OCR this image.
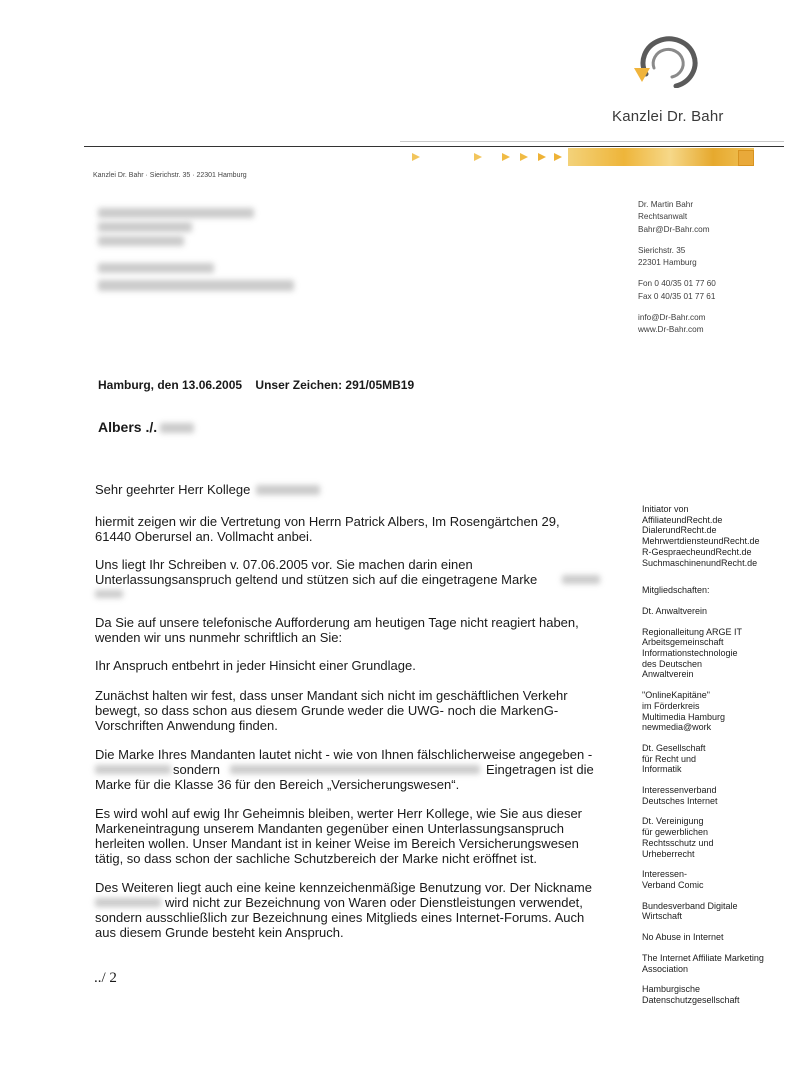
Kanzlei Dr. Bahr
Kanzlei Dr. Bahr · Sierichstr. 35 · 22301 Hamburg
Dr. Martin Bahr
Rechtsanwalt
Bahr@Dr-Bahr.com
Sierichstr. 35
22301 Hamburg
Fon 0 40/35 01 77 60
Fax 0 40/35 01 77 61
info@Dr-Bahr.com
www.Dr-Bahr.com
Hamburg, den 13.06.2005    Unser Zeichen: 291/05MB19
Albers ./.
Sehr geehrter Herr Kollege
hiermit zeigen wir die Vertretung von Herrn Patrick Albers, Im Rosengärtchen 29,
61440 Oberursel an. Vollmacht anbei.
Uns liegt Ihr Schreiben v. 07.06.2005 vor. Sie machen darin einen
Unterlassungsanspruch geltend und stützen sich auf die eingetragene Marke
Da Sie auf unsere telefonische Aufforderung am heutigen Tage nicht reagiert haben,
wenden wir uns nunmehr schriftlich an Sie:
Ihr Anspruch entbehrt in jeder Hinsicht einer Grundlage.
Zunächst halten wir fest, dass unser Mandant sich nicht im geschäftlichen Verkehr
bewegt, so dass schon aus diesem Grunde weder die UWG- noch die MarkenG-
Vorschriften Anwendung finden.
Die Marke Ihres Mandanten lautet nicht - wie von Ihnen fälschlicherweise angegeben -
sondern	Eingetragen ist die
Marke für die Klasse 36 für den Bereich „Versicherungswesen“.
Es wird wohl auf ewig Ihr Geheimnis bleiben, werter Herr Kollege, wie Sie aus dieser
Markeneintragung unserem Mandanten gegenüber einen Unterlassungsanspruch
herleiten wollen. Unser Mandant ist in keiner Weise im Bereich Versicherungswesen
tätig, so dass schon der sachliche Schutzbereich der Marke nicht eröffnet ist.
Des Weiteren liegt auch eine keine kennzeichenmäßige Benutzung vor. Der Nickname
wird nicht zur Bezeichnung von Waren oder Dienstleistungen verwendet,
sondern ausschließlich zur Bezeichnung eines Mitglieds eines Internet-Forums. Auch
aus diesem Grunde besteht kein Anspruch.
../ 2
Initiator von
AffiliateundRecht.de
DialerundRecht.de
MehrwertdiensteundRecht.de
R-GespraecheundRecht.de
SuchmaschinenundRecht.de
Mitgliedschaften:
Dt. Anwaltverein
Regionalleitung ARGE IT
Arbeitsgemeinschaft
Informationstechnologie
des Deutschen
Anwaltverein
"OnlineKapitäne"
im Förderkreis
Multimedia Hamburg
newmedia@work
Dt. Gesellschaft
für Recht und
Informatik
Interessenverband
Deutsches Internet
Dt. Vereinigung
für gewerblichen
Rechtsschutz und
Urheberrecht
Interessen-
Verband Comic
Bundesverband Digitale
Wirtschaft
No Abuse in Internet
The Internet Affiliate Marketing
Association
Hamburgische
Datenschutzgesellschaft
